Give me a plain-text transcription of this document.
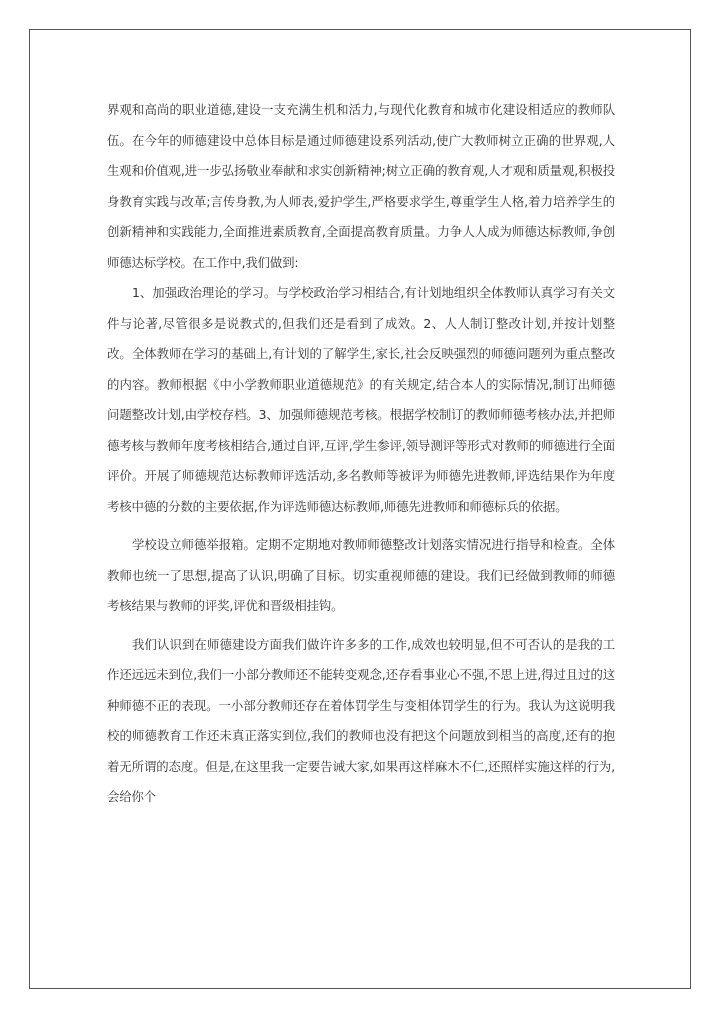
界观和高尚的职业道德,建设一支充满生机和活力,与现代化教育和城市化建设相适应的教师队伍。在今年的师德建设中总体目标是通过师德建设系列活动,使广大教师树立正确的世界观,人生观和价值观,进一步弘扬敬业奉献和求实创新精神;树立正确的教育观,人才观和质量观,积极投身教育实践与改革;言传身教,为人师表,爱护学生,严格要求学生,尊重学生人格,着力培养学生的创新精神和实践能力,全面推进素质教育,全面提高教育质量。力争人人成为师德达标教师,争创师德达标学校。在工作中,我们做到:

1、加强政治理论的学习。与学校政治学习相结合,有计划地组织全体教师认真学习有关文件与论著,尽管很多是说教式的,但我们还是看到了成效。2、人人制订整改计划,并按计划整改。全体教师在学习的基础上,有计划的了解学生,家长,社会反映强烈的师德问题列为重点整改的内容。教师根据《中小学教师职业道德规范》的有关规定,结合本人的实际情况,制订出师德问题整改计划,由学校存档。3、加强师德规范考核。根据学校制订的教师师德考核办法,并把师德考核与教师年度考核相结合,通过自评,互评,学生参评,领导测评等形式对教师的师德进行全面评价。开展了师德规范达标教师评选活动,多名教师等被评为师德先进教师,评选结果作为年度考核中德的分数的主要依据,作为评选师德达标教师,师德先进教师和师德标兵的依据。

学校设立师德举报箱。定期不定期地对教师师德整改计划落实情况进行指导和检查。全体教师也统一了思想,提高了认识,明确了目标。切实重视师德的建设。我们已经做到教师的师德考核结果与教师的评奖,评优和晋级相挂钩。

我们认识到在师德建设方面我们做许许多多的工作,成效也较明显,但不可否认的是我的工作还远远未到位,我们一小部分教师还不能转变观念,还存看事业心不强,不思上进,得过且过的这种师德不正的表现。一小部分教师还存在着体罚学生与变相体罚学生的行为。我认为这说明我校的师德教育工作还未真正落实到位,我们的教师也没有把这个问题放到相当的高度,还有的抱着无所谓的态度。但是,在这里我一定要告诫大家,如果再这样麻木不仁,还照样实施这样的行为,会给你个
